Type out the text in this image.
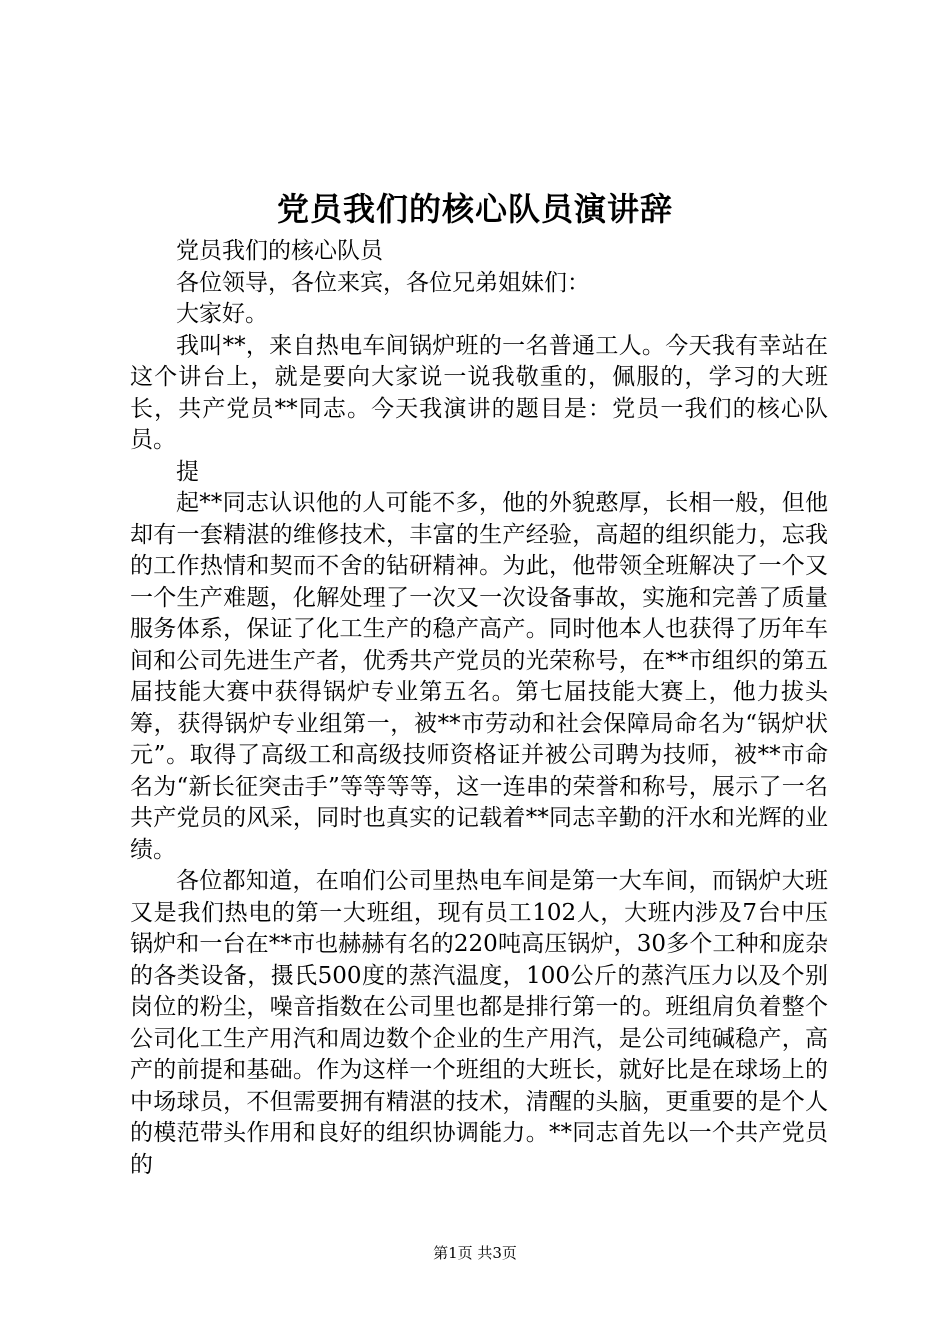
党员我们的核心队员演讲辞

党员我们的核心队员

各位领导，各位来宾，各位兄弟姐妹们：

大家好。

我叫**，来自热电车间锅炉班的一名普通工人。今天我有幸站在这个讲台上，就是要向大家说一说我敬重的，佩服的，学习的大班长，共产党员**同志。今天我演讲的题目是：党员一我们的核心队员。

提

起**同志认识他的人可能不多，他的外貌憨厚，长相一般，但他却有一套精湛的维修技术，丰富的生产经验，高超的组织能力，忘我的工作热情和契而不舍的钻研精神。为此，他带领全班解决了一个又一个生产难题，化解处理了一次又一次设备事故，实施和完善了质量服务体系，保证了化工生产的稳产高产。同时他本人也获得了历年车间和公司先进生产者，优秀共产党员的光荣称号，在**市组织的第五届技能大赛中获得锅炉专业第五名。第七届技能大赛上，他力拔头筹，获得锅炉专业组第一，被**市劳动和社会保障局命名为“锅炉状元”。取得了高级工和高级技师资格证并被公司聘为技师，被**市命名为“新长征突击手”等等等等，这一连串的荣誉和称号，展示了一名共产党员的风采，同时也真实的记载着**同志辛勤的汗水和光辉的业绩。

各位都知道，在咱们公司里热电车间是第一大车间，而锅炉大班又是我们热电的第一大班组，现有员工102人，大班内涉及7台中压锅炉和一台在**市也赫赫有名的220吨高压锅炉，30多个工种和庞杂的各类设备，摄氏500度的蒸汽温度，100公斤的蒸汽压力以及个别岗位的粉尘，噪音指数在公司里也都是排行第一的。班组肩负着整个公司化工生产用汽和周边数个企业的生产用汽，是公司纯碱稳产，高产的前提和基础。作为这样一个班组的大班长，就好比是在球场上的中场球员，不但需要拥有精湛的技术，清醒的头脑，更重要的是个人的模范带头作用和良好的组织协调能力。**同志首先以一个共产党员的

第1页 共3页
